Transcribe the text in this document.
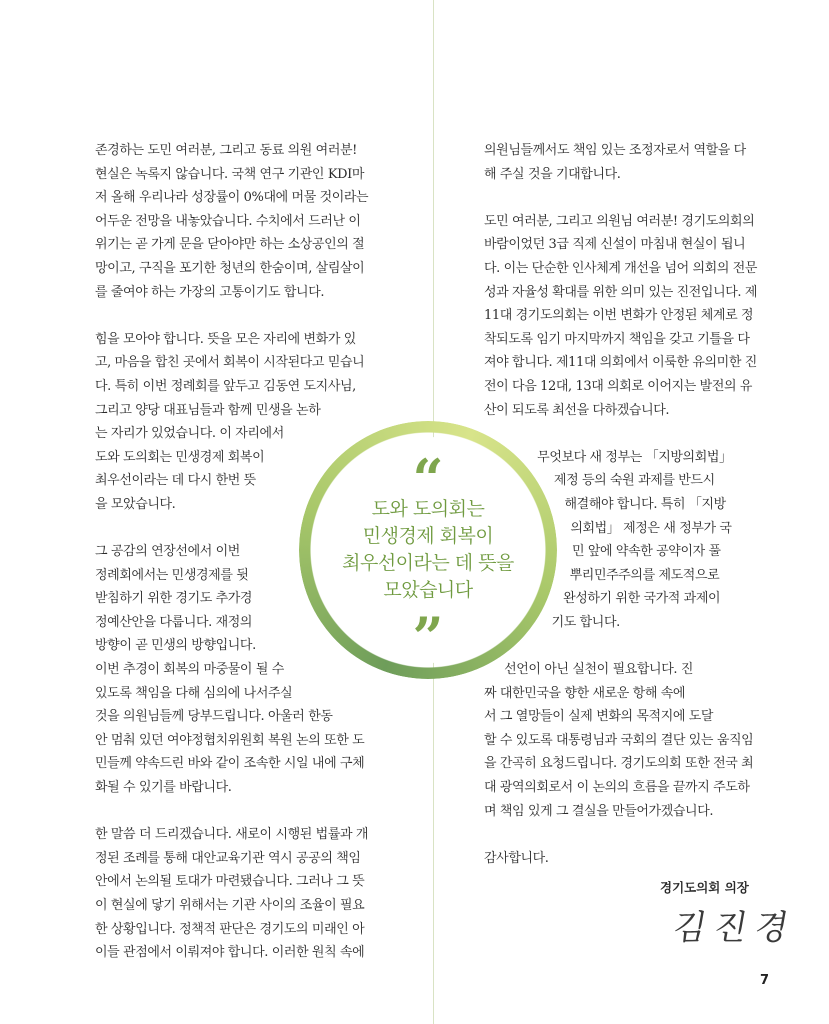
존경하는 도민 여러분, 그리고 동료 의원 여러분!
현실은 녹록지 않습니다. 국책 연구 기관인 KDI마
저 올해 우리나라 성장률이 0%대에 머물 것이라는
어두운 전망을 내놓았습니다. 수치에서 드러난 이
위기는 곧 가게 문을 닫아야만 하는 소상공인의 절
망이고, 구직을 포기한 청년의 한숨이며, 살림살이
를 줄여야 하는 가장의 고통이기도 합니다.
힘을 모아야 합니다. 뜻을 모은 자리에 변화가 있
고, 마음을 합친 곳에서 회복이 시작된다고 믿습니
다. 특히 이번 정례회를 앞두고 김동연 도지사님,
그리고 양당 대표님들과 함께 민생을 논하
는 자리가 있었습니다. 이 자리에서
도와 도의회는 민생경제 회복이
최우선이라는 데 다시 한번 뜻
을 모았습니다.
그 공감의 연장선에서 이번
정례회에서는 민생경제를 뒷
받침하기 위한 경기도 추가경
정예산안을 다룹니다. 재정의
방향이 곧 민생의 방향입니다.
이번 추경이 회복의 마중물이 될 수
있도록 책임을 다해 심의에 나서주실
것을 의원님들께 당부드립니다. 아울러 한동
안 멈춰 있던 여야정협치위원회 복원 논의 또한 도
민들께 약속드린 바와 같이 조속한 시일 내에 구체
화될 수 있기를 바랍니다.
한 말씀 더 드리겠습니다. 새로이 시행된 법률과 개
정된 조례를 통해 대안교육기관 역시 공공의 책임
안에서 논의될 토대가 마련됐습니다. 그러나 그 뜻
이 현실에 닿기 위해서는 기관 사이의 조율이 필요
한 상황입니다. 정책적 판단은 경기도의 미래인 아
이들 관점에서 이뤄져야 합니다. 이러한 원칙 속에
의원님들께서도 책임 있는 조정자로서 역할을 다
해 주실 것을 기대합니다.
도민 여러분, 그리고 의원님 여러분! 경기도의회의
바람이었던 3급 직제 신설이 마침내 현실이 됩니
다. 이는 단순한 인사체계 개선을 넘어 의회의 전문
성과 자율성 확대를 위한 의미 있는 진전입니다. 제
11대 경기도의회는 이번 변화가 안정된 체계로 정
착되도록 임기 마지막까지 책임을 갖고 기틀을 다
져야 합니다. 제11대 의회에서 이룩한 유의미한 진
전이 다음 12대, 13대 의회로 이어지는 발전의 유
산이 되도록 최선을 다하겠습니다.
무엇보다 새 정부는 「지방의회법」
제정 등의 숙원 과제를 반드시
해결해야 합니다. 특히 「지방
의회법」 제정은 새 정부가 국
민 앞에 약속한 공약이자 풀
뿌리민주주의를 제도적으로
완성하기 위한 국가적 과제이
기도 합니다.
선언이 아닌 실천이 필요합니다. 진
짜 대한민국을 향한 새로운 항해 속에
서 그 열망들이 실제 변화의 목적지에 도달
할 수 있도록 대통령님과 국회의 결단 있는 움직임
을 간곡히 요청드립니다. 경기도의회 또한 전국 최
대 광역의회로서 이 논의의 흐름을 끝까지 주도하
며 책임 있게 그 결실을 만들어가겠습니다.
감사합니다.
“
도와 도의회는
민생경제 회복이
최우선이라는 데 뜻을
모았습니다
”
경기도의회 의장
김진경
7
